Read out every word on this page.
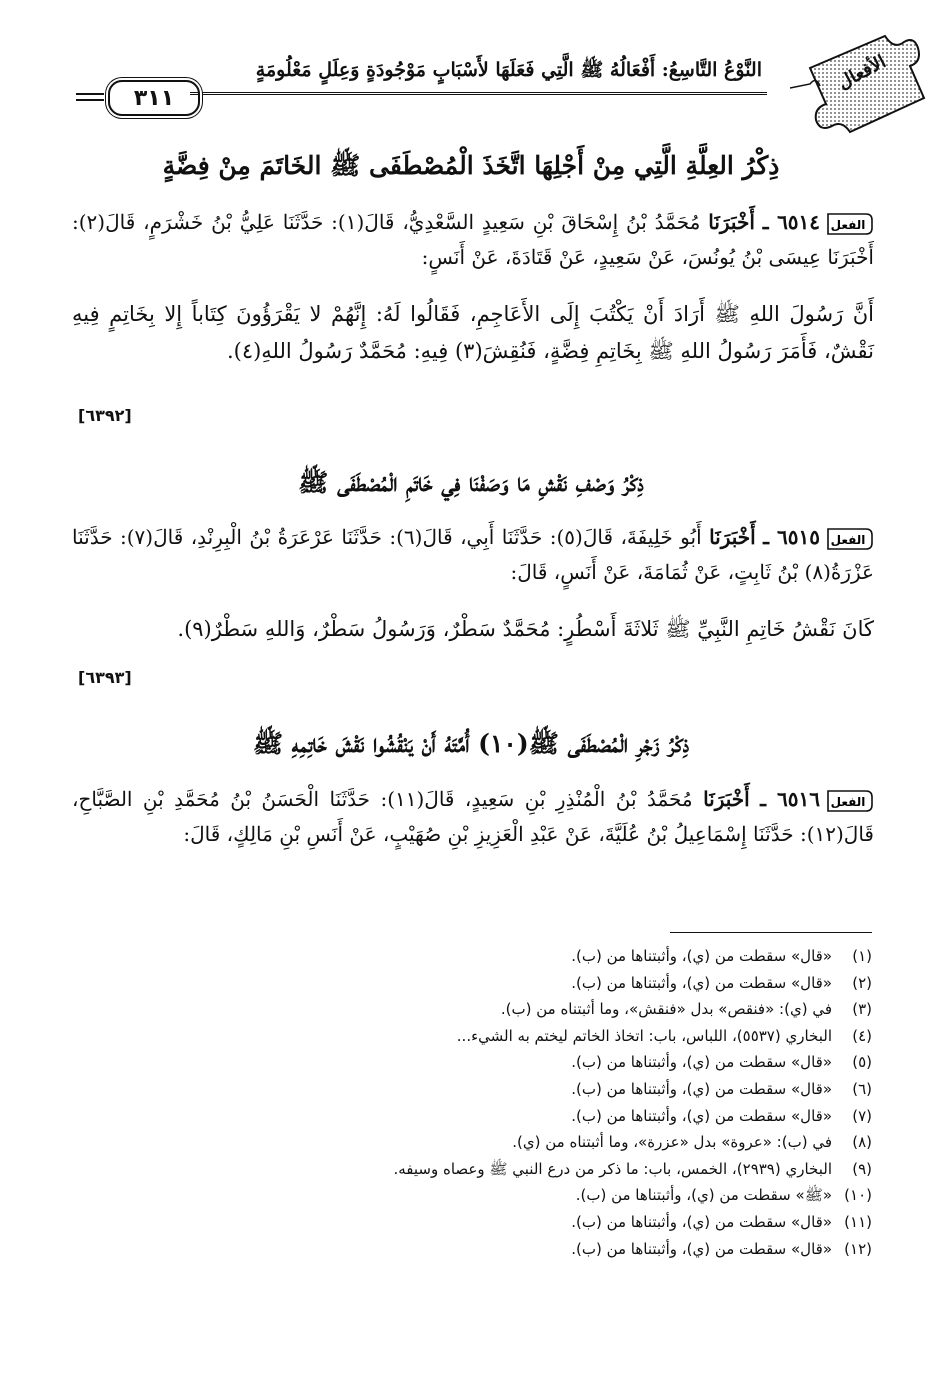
الأفعال
النَّوْعُ التَّاسِعُ: أَفْعَالُهُ ﷺ الَّتِي فَعَلَهَا لأَسْبَابٍ مَوْجُودَةٍ وَعِلَلٍ مَعْلُومَةٍ
٣١١
ذِكْرُ العِلَّةِ الَّتِي مِنْ أَجْلِهَا اتَّخَذَ الْمُصْطَفَى ﷺ الخَاتَمَ مِنْ فِضَّةٍ
الفعل
٦٥١٤ ـ أَخْبَرَنَا مُحَمَّدُ بْنُ إِسْحَاقَ بْنِ سَعِيدٍ السَّعْدِيُّ، قَالَ(١): حَدَّثَنَا عَلِيُّ بْنُ خَشْرَمٍ، قَالَ(٢): أَخْبَرَنَا عِيسَى بْنُ يُونُسَ، عَنْ سَعِيدٍ، عَنْ قَتَادَةَ، عَنْ أَنَسٍ:
أَنَّ رَسُولَ اللهِ ﷺ أَرَادَ أَنْ يَكْتُبَ إِلَى الأَعَاجِمِ، فَقَالُوا لَهُ: إِنَّهُمْ لا يَقْرَؤُونَ كِتَاباً إِلا بِخَاتِمٍ فِيهِ نَقْشٌ، فَأَمَرَ رَسُولُ اللهِ ﷺ بِخَاتِمِ فِضَّةٍ، فَنُقِشَ(٣) فِيهِ: مُحَمَّدٌ رَسُولُ اللهِ(٤).
[٦٣٩٢]
ذِكْرُ وَصْفِ نَقْشِ مَا وَصَفْنَا فِي خَاتَمِ الْمُصْطَفَى ﷺ
الفعل
٦٥١٥ ـ أَخْبَرَنَا أَبُو خَلِيفَةَ، قَالَ(٥): حَدَّثَنَا أَبِي، قَالَ(٦): حَدَّثَنَا عَرْعَرَةُ بْنُ الْبِرِنْدِ، قَالَ(٧): حَدَّثَنَا عَزْرَةُ(٨) بْنُ ثَابِتٍ، عَنْ ثُمَامَةَ، عَنْ أَنَسٍ، قَالَ:
كَانَ نَقْشُ خَاتِمِ النَّبِيِّ ﷺ ثَلاثَةَ أَسْطُرٍ: مُحَمَّدٌ سَطْرٌ، وَرَسُولُ سَطْرٌ، وَاللهِ سَطْرٌ(٩).
[٦٣٩٣]
ذِكْرُ زَجْرِ الْمُصْطَفَى ﷺ(١٠) أُمَّتَهُ أَنْ يَنْقُشُوا نَقْشَ خَاتِمِهِ ﷺ
الفعل
٦٥١٦ ـ أَخْبَرَنَا مُحَمَّدُ بْنُ الْمُنْذِرِ بْنِ سَعِيدٍ، قَالَ(١١): حَدَّثَنَا الْحَسَنُ بْنُ مُحَمَّدِ بْنِ الصَّبَّاحِ، قَالَ(١٢): حَدَّثَنَا إِسْمَاعِيلُ بْنُ عُلَيَّةَ، عَنْ عَبْدِ الْعَزِيزِ بْنِ صُهَيْبٍ، عَنْ أَنَسِ بْنِ مَالِكٍ، قَالَ:
(١)
«قال» سقطت من (ي)، وأثبتناها من (ب).
(٢)
«قال» سقطت من (ي)، وأثبتناها من (ب).
(٣)
في (ي): «فنقص» بدل «فنقش»، وما أثبتناه من (ب).
(٤)
البخاري (٥٥٣٧)، اللباس، باب: اتخاذ الخاتم ليختم به الشيء...
(٥)
«قال» سقطت من (ي)، وأثبتناها من (ب).
(٦)
«قال» سقطت من (ي)، وأثبتناها من (ب).
(٧)
«قال» سقطت من (ي)، وأثبتناها من (ب).
(٨)
في (ب): «عروة» بدل «عزرة»، وما أثبتناه من (ي).
(٩)
البخاري (٢٩٣٩)، الخمس، باب: ما ذكر من درع النبي ﷺ وعصاه وسيفه.
(١٠)
«ﷺ» سقطت من (ي)، وأثبتناها من (ب).
(١١)
«قال» سقطت من (ي)، وأثبتناها من (ب).
(١٢)
«قال» سقطت من (ي)، وأثبتناها من (ب).
